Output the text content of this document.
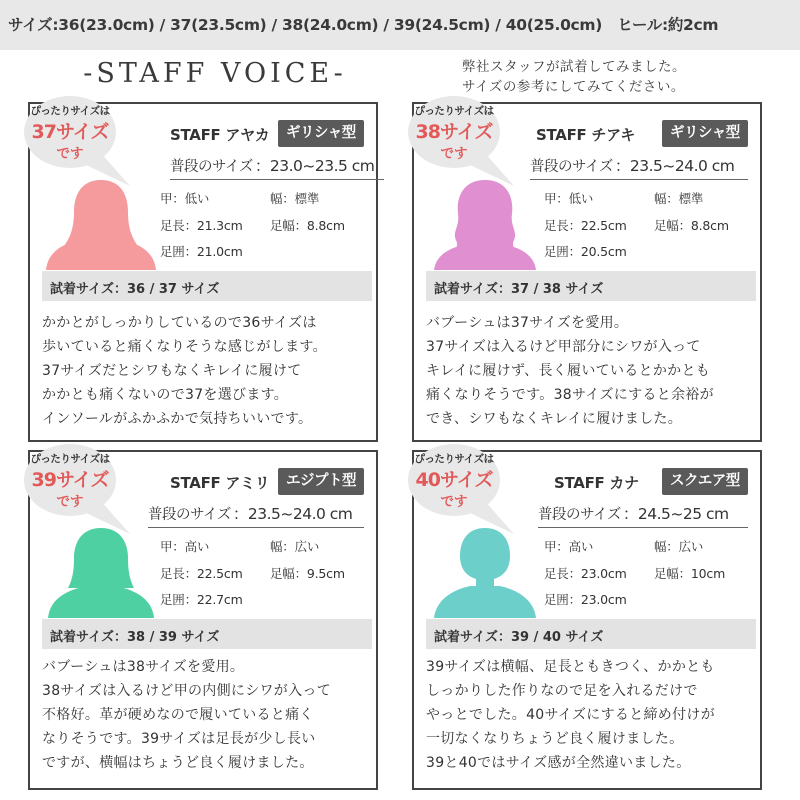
サイズ:36(23.0cm) / 37(23.5cm) / 38(24.0cm) / 39(24.5cm) / 40(25.0cm)　ヒール:約2cm
-STAFF VOICE-	弊社スタッフが試着してみました。
サイズの参考にしてみてください。
ぴったりサイズは
37サイズ
です
STAFF アヤカ	ギリシャ型
普段のサイズ ：23.0~23.5 cm
甲：低い	幅：標準
足長：21.3cm 足幅：8.8cm
足囲：21.0cm
試着サイズ：36 / 37 サイズ
かかとがしっかりしているので36サイズは
歩いていると痛くなりそうな感じがします。
37サイズだとシワもなくキレイに履けて
かかとも痛くないので37を選びます。
インソールがふかふかで気持ちいいです。
ぴったりサイズは
38サイズ
です
STAFF チアキ	ギリシャ型
普段のサイズ ：23.5~24.0 cm
甲：低い	幅：標準
足長：22.5cm 足幅：8.8cm
足囲：20.5cm
試着サイズ：37 / 38 サイズ
バブーシュは37サイズを愛用。
37サイズは入るけど甲部分にシワが入って
キレイに履けず、長く履いているとかかとも
痛くなりそうです。38サイズにすると余裕が
でき、シワもなくキレイに履けました。
ぴったりサイズは
39サイズ
です
STAFF アミリ	エジプト型
普段のサイズ ：23.5~24.0 cm
甲：高い	幅：広い
足長：22.5cm 足幅：9.5cm
足囲：22.7cm
試着サイズ：38 / 39 サイズ
バブーシュは38サイズを愛用。
38サイズは入るけど甲の内側にシワが入って
不格好。革が硬めなので履いていると痛く
なりそうです。39サイズは足長が少し長い
ですが、横幅はちょうど良く履けました。
ぴったりサイズは
40サイズ
です
STAFF カナ	スクエア型
普段のサイズ ：24.5~25 cm
甲：高い	幅：広い
足長：23.0cm 足幅：10cm
足囲：23.0cm
試着サイズ：39 / 40 サイズ
39サイズは横幅、足長ともきつく、かかとも
しっかりした作りなので足を入れるだけで
やっとでした。40サイズにすると締め付けが
一切なくなりちょうど良く履けました。
39と40ではサイズ感が全然違いました。
